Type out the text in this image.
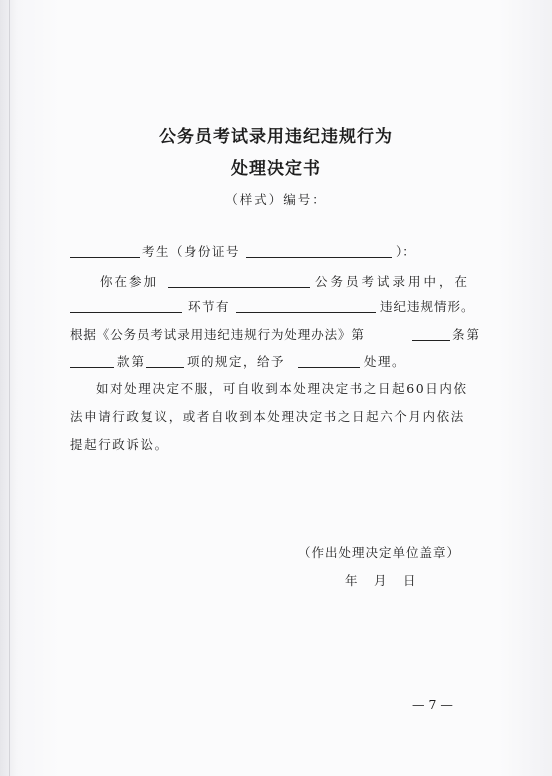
公务员考试录用违纪违规行为
处理决定书
（样式）编号：
考生（身份证号	）：
你在参加	公务员考试录用中，在
环节有	违纪违规情形。
根据《公务员考试录用违纪违规行为处理办法》第	条第
款第	项的规定，给予	处理。
如对处理决定不服，可自收到本处理决定书之日起60日内依法申请行政复议，或者自收到本处理决定书之日起六个月内依法提起行政诉讼。
（作出处理决定单位盖章）
年　月　日
— 7 —
